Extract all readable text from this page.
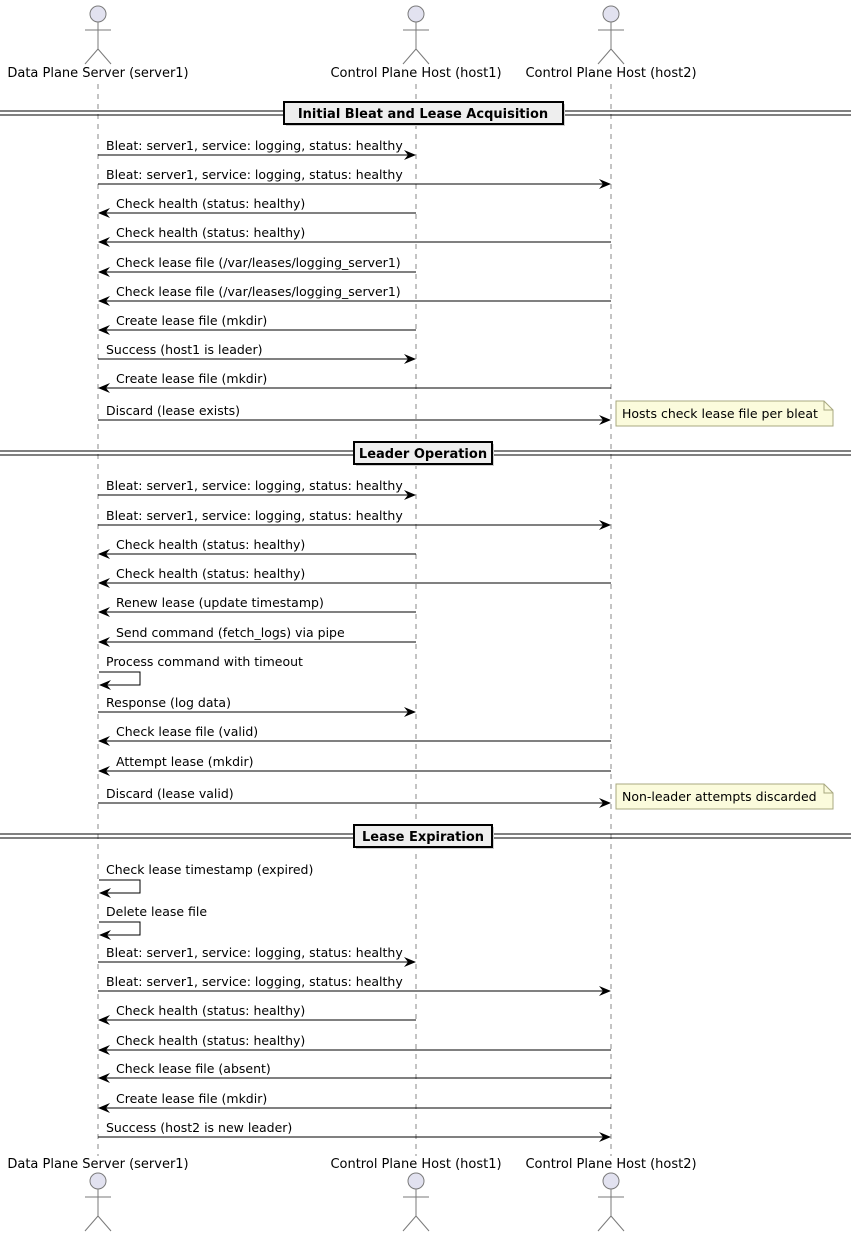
Initial Bleat and Lease Acquisition
Leader Operation
Lease Expiration
Bleat: server1, service: logging, status: healthy
Bleat: server1, service: logging, status: healthy
Check health (status: healthy)
Check health (status: healthy)
Check lease file (/var/leases/logging_server1)
Check lease file (/var/leases/logging_server1)
Create lease file (mkdir)
Success (host1 is leader)
Create lease file (mkdir)
Discard (lease exists)
Bleat: server1, service: logging, status: healthy
Bleat: server1, service: logging, status: healthy
Check health (status: healthy)
Check health (status: healthy)
Renew lease (update timestamp)
Send command (fetch_logs) via pipe
Process command with timeout
Response (log data)
Check lease file (valid)
Attempt lease (mkdir)
Discard (lease valid)
Check lease timestamp (expired)
Delete lease file
Bleat: server1, service: logging, status: healthy
Bleat: server1, service: logging, status: healthy
Check health (status: healthy)
Check health (status: healthy)
Check lease file (absent)
Create lease file (mkdir)
Success (host2 is new leader)
Hosts check lease file per bleat
Non-leader attempts discarded
Data Plane Server (server1)
Data Plane Server (server1)
Control Plane Host (host1)
Control Plane Host (host1)
Control Plane Host (host2)
Control Plane Host (host2)
